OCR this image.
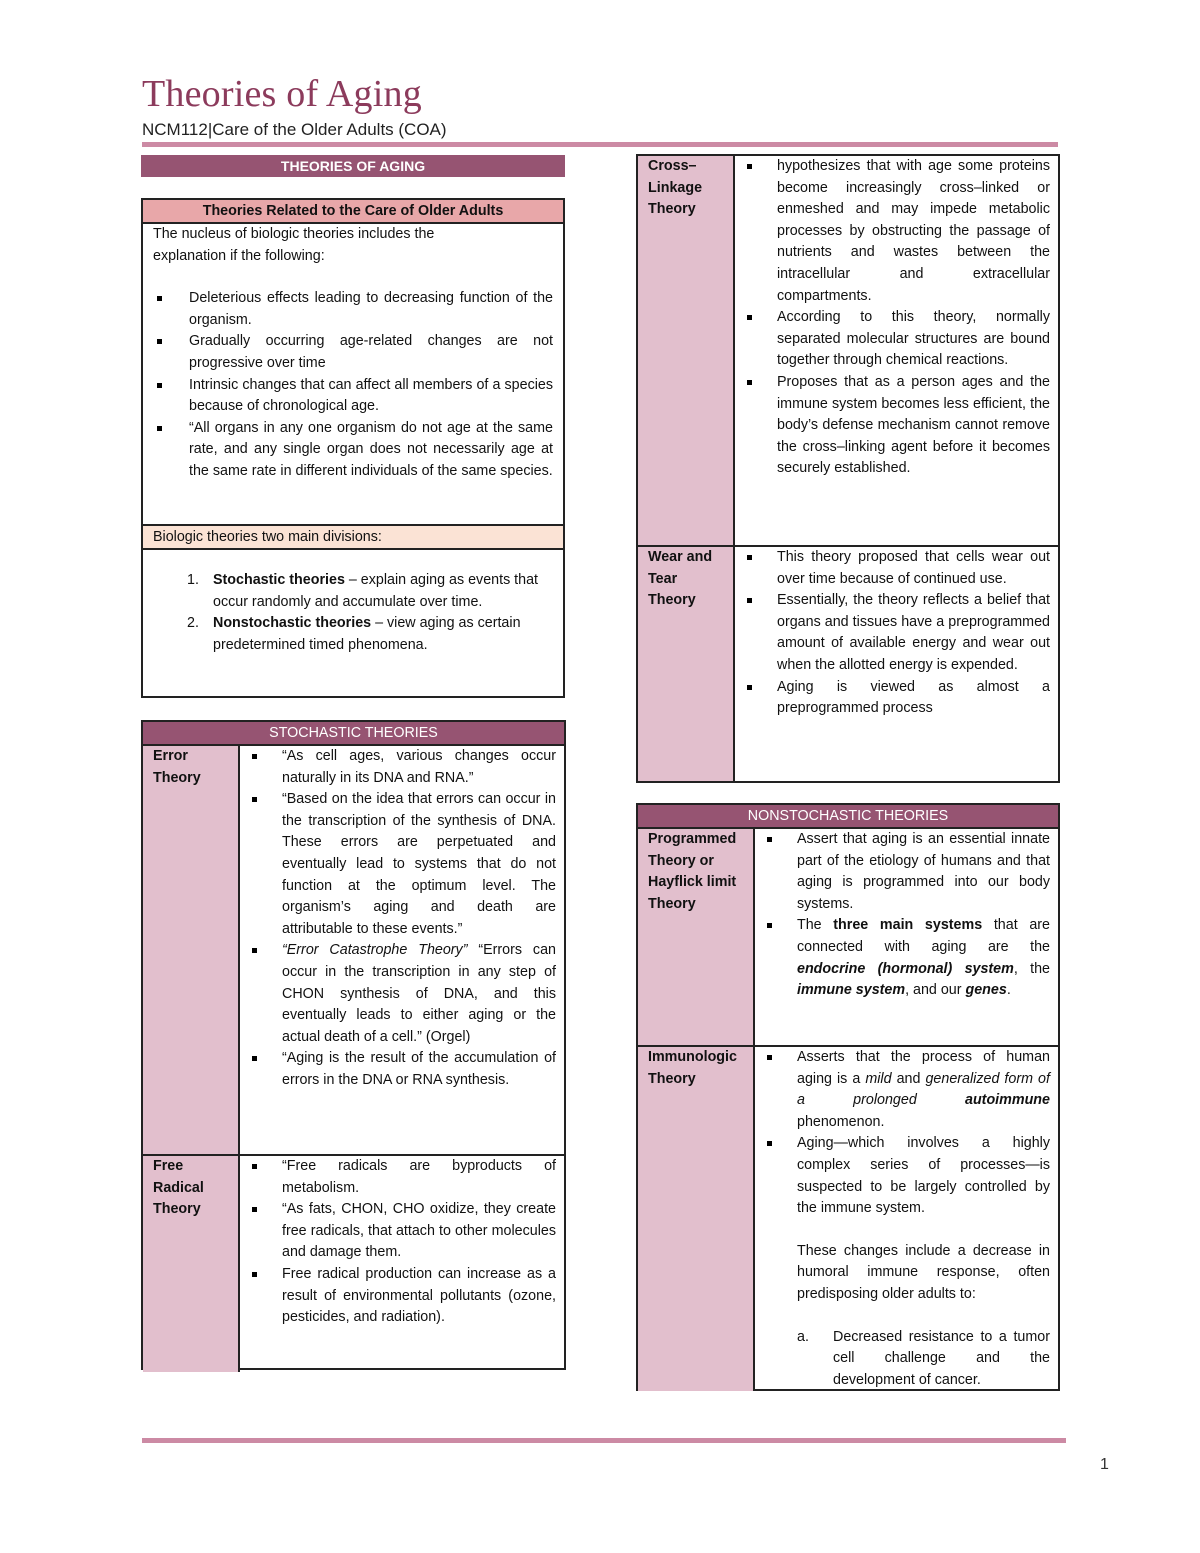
Theories of Aging
NCM112|Care of the Older Adults (COA)
THEORIES OF AGING
Theories Related to the Care of Older Adults

The nucleus of biologic theories includes the explanation if the following:

Deleterious effects leading to decreasing function of the organism.
Gradually occurring age-related changes are not progressive over time
Intrinsic changes that can affect all members of a species because of chronological age.
“All organs in any one organism do not age at the same rate, and any single organ does not necessarily age at the same rate in different individuals of the same species.
Biologic theories two main divisions:
1. Stochastic theories – explain aging as events that occur randomly and accumulate over time.
2. Nonstochastic theories – view aging as certain predetermined timed phenomena.
STOCHASTIC THEORIES
Error Theory
“As cell ages, various changes occur naturally in its DNA and RNA.”
“Based on the idea that errors can occur in the transcription of the synthesis of DNA. These errors are perpetuated and eventually lead to systems that do not function at the optimum level. The organism’s aging and death are attributable to these events.”
“Error Catastrophe Theory” “Errors can occur in the transcription in any step of CHON synthesis of DNA, and this eventually leads to either aging or the actual death of a cell.” (Orgel)
“Aging is the result of the accumulation of errors in the DNA or RNA synthesis.
Free Radical Theory
“Free radicals are byproducts of metabolism.
“As fats, CHON, CHO oxidize, they create free radicals, that attach to other molecules and damage them.
Free radical production can increase as a result of environmental pollutants (ozone, pesticides, and radiation).
Cross–Linkage Theory
hypothesizes that with age some proteins become increasingly cross–linked or enmeshed and may impede metabolic processes by obstructing the passage of nutrients and wastes between the intracellular and extracellular compartments.
According to this theory, normally separated molecular structures are bound together through chemical reactions.
Proposes that as a person ages and the immune system becomes less efficient, the body’s defense mechanism cannot remove the cross–linking agent before it becomes securely established.
Wear and Tear Theory
This theory proposed that cells wear out over time because of continued use.
Essentially, the theory reflects a belief that organs and tissues have a preprogrammed amount of available energy and wear out when the allotted energy is expended.
Aging is viewed as almost a preprogrammed process
NONSTOCHASTIC THEORIES
Programmed Theory or Hayflick limit Theory
Assert that aging is an essential innate part of the etiology of humans and that aging is programmed into our body systems.
The three main systems that are connected with aging are the endocrine (hormonal) system, the immune system, and our genes.
Immunologic Theory
Asserts that the process of human aging is a mild and generalized form of a prolonged autoimmune phenomenon.
Aging—which involves a highly complex series of processes—is suspected to be largely controlled by the immune system.

These changes include a decrease in humoral immune response, often predisposing older adults to:

a. Decreased resistance to a tumor cell challenge and the development of cancer.
1
